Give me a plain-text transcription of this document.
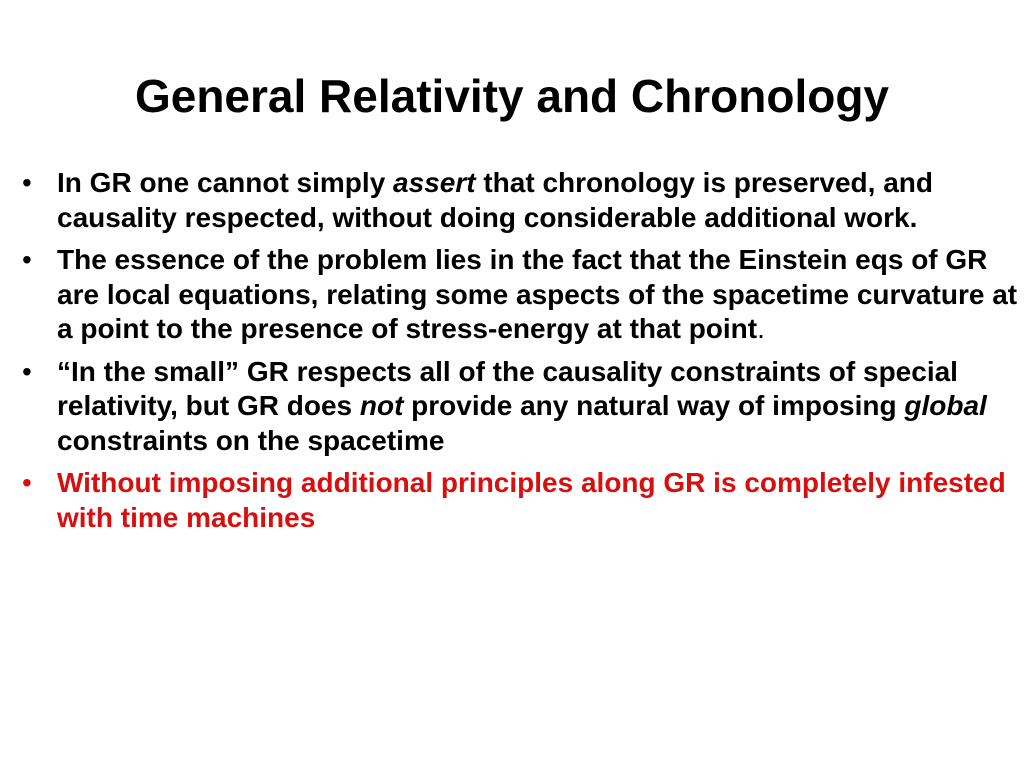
General Relativity and Chronology
• In GR one cannot simply assert that chronology is preserved, and causality respected, without doing considerable additional work.
• The essence of the problem lies in the fact that the Einstein eqs of GR are local equations, relating some aspects of the spacetime curvature at a point to the presence of stress-energy at that point.
• “In the small” GR respects all of the causality constraints of special relativity, but GR does not provide any natural way of imposing global constraints on the spacetime
• Without imposing additional principles along GR is completely infested with time machines
